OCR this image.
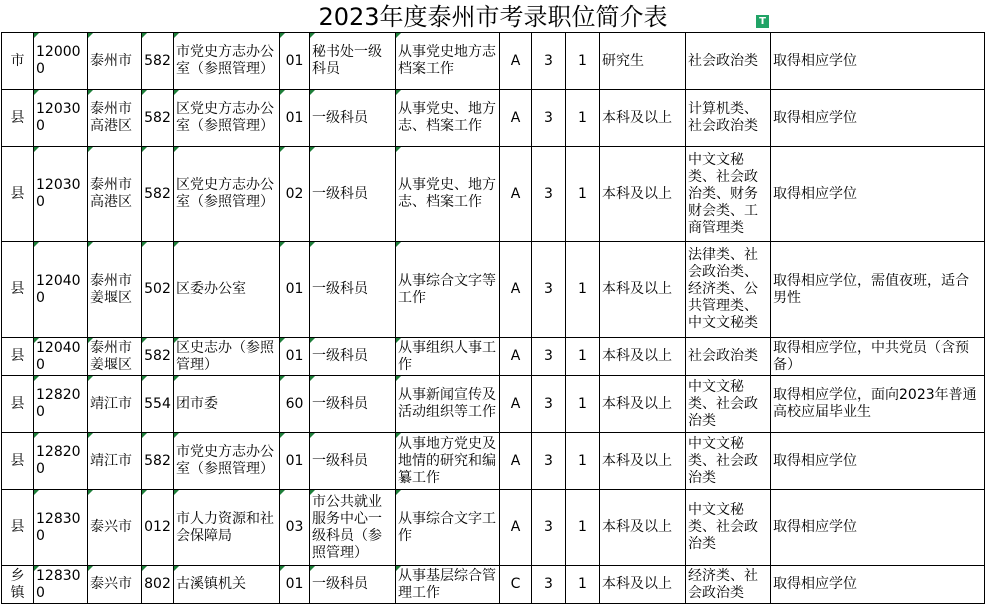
2023年度泰州市考录职位简介表	T
市	120000	泰州市	582	市党史方志办公室（参照管理）	01	秘书处一级科员	从事党史地方志档案工作	A	3	1	研究生	社会政治类	取得相应学位
县	120300	泰州市高港区	582	区党史方志办公室（参照管理）	01	一级科员	从事党史、地方志、档案工作	A	3	1	本科及以上	计算机类、社会政治类	取得相应学位
县	120300	泰州市高港区	582	区党史方志办公室（参照管理）	02	一级科员	从事党史、地方志、档案工作	A	3	1	本科及以上	中文文秘类、社会政治类、财务财会类、工商管理类	取得相应学位
县	120400	泰州市姜堰区	502	区委办公室	01	一级科员	从事综合文字等工作	A	3	1	本科及以上	法律类、社会政治类、经济类、公共管理类、中文文秘类	取得相应学位，需值夜班，适合男性
县	120400	泰州市姜堰区	582	区史志办（参照管理）	01	一级科员	从事组织人事工作	A	3	1	本科及以上	社会政治类	取得相应学位，中共党员（含预备）
县	128200	靖江市	554	团市委	60	一级科员	从事新闻宣传及活动组织等工作	A	3	1	本科及以上	中文文秘类、社会政治类	取得相应学位，面向2023年普通高校应届毕业生
县	128200	靖江市	582	市党史方志办公室（参照管理）	01	一级科员	从事地方党史及地情的研究和编纂工作	A	3	1	本科及以上	中文文秘类、社会政治类	取得相应学位
县	128300	泰兴市	012	市人力资源和社会保障局	03	市公共就业服务中心一级科员（参照管理）	从事综合文字工作	A	3	1	本科及以上	中文文秘类、社会政治类	取得相应学位
乡镇	128300	泰兴市	802	古溪镇机关	01	一级科员	从事基层综合管理工作	C	3	1	本科及以上	经济类、社会政治类	取得相应学位
